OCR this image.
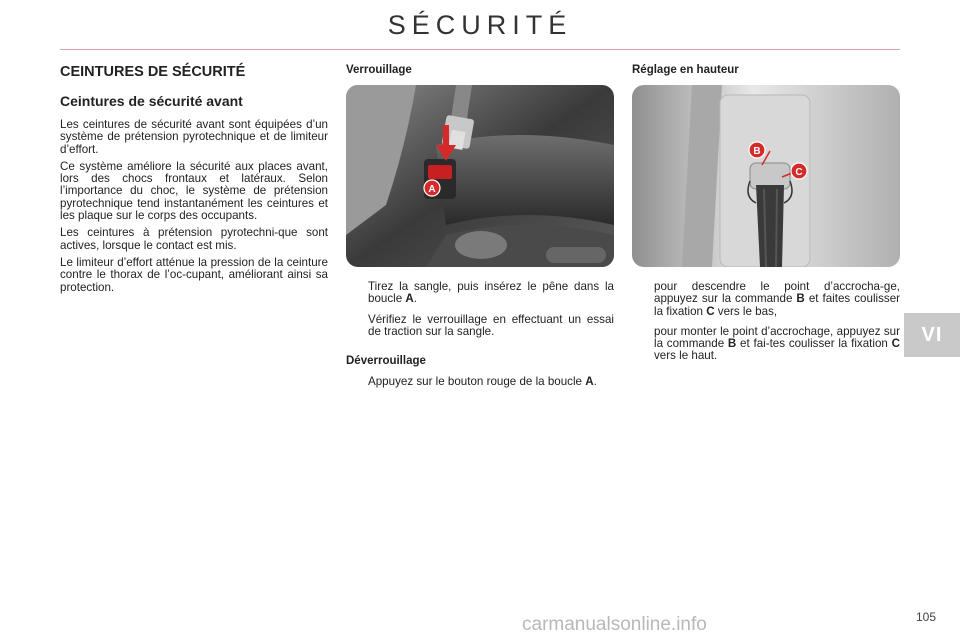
SÉCURITÉ
CEINTURES DE SÉCURITÉ
Ceintures de sécurité avant

Les ceintures de sécurité avant sont équipées d’un système de prétension pyrotechnique et de limiteur d’effort.

Ce système améliore la sécurité aux places avant, lors des chocs frontaux et latéraux. Selon l’importance du choc, le système de prétension pyrotechnique tend instantanément les ceintures et les plaque sur le corps des occupants.

Les ceintures à prétension pyrotechni-que sont actives, lorsque le contact est mis.

Le limiteur d’effort atténue la pression de la ceinture contre le thorax de l’oc-cupant, améliorant ainsi sa protection.

Verrouillage
A
Tirez la sangle, puis insérez le pêne dans la boucle A.
Vérifiez le verrouillage en effectuant un essai de traction sur la sangle.
Déverrouillage
Appuyez sur le bouton rouge de la boucle A.
Réglage en hauteur
B
C
pour descendre le point d’accrocha-ge, appuyez sur la commande B et faites coulisser la fixation C vers le bas,
pour monter le point d’accrochage, appuyez sur la commande B et fai-tes coulisser la fixation C vers le haut.
VI
105
carmanualsonline.info
